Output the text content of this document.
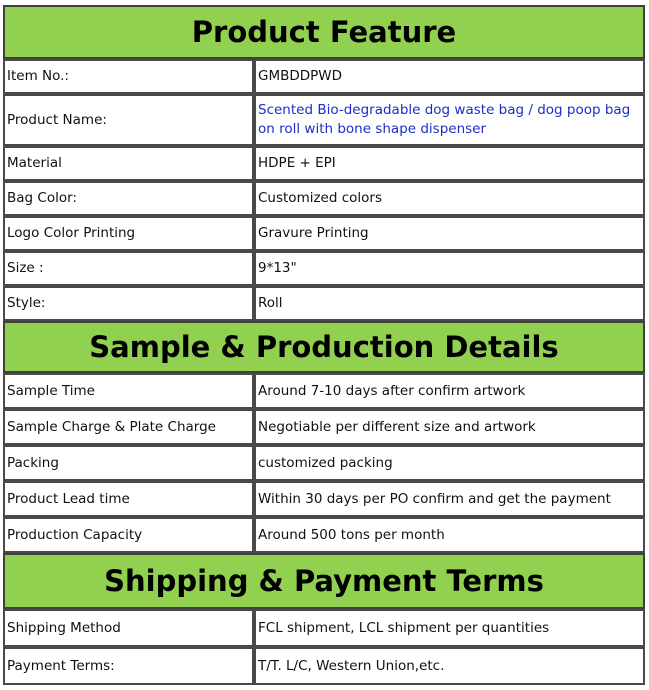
Product Feature
Item No.:	GMBDDPWD
Product Name:
Scented Bio-degradable dog waste bag / dog poop bag on roll with bone shape dispenser
Material	HDPE + EPI
Bag Color:	Customized colors
Logo Color Printing	Gravure Printing
Size :	9*13"
Style:	Roll
Sample & Production Details
Sample Time	Around 7-10 days after confirm artwork
Sample Charge & Plate Charge	Negotiable per different size and artwork
Packing	customized packing
Product Lead time	Within 30 days per PO confirm and get the payment
Production Capacity	Around 500 tons per month
Shipping & Payment Terms
Shipping Method	FCL shipment, LCL shipment per quantities
Payment Terms:	T/T. L/C, Western Union,etc.
